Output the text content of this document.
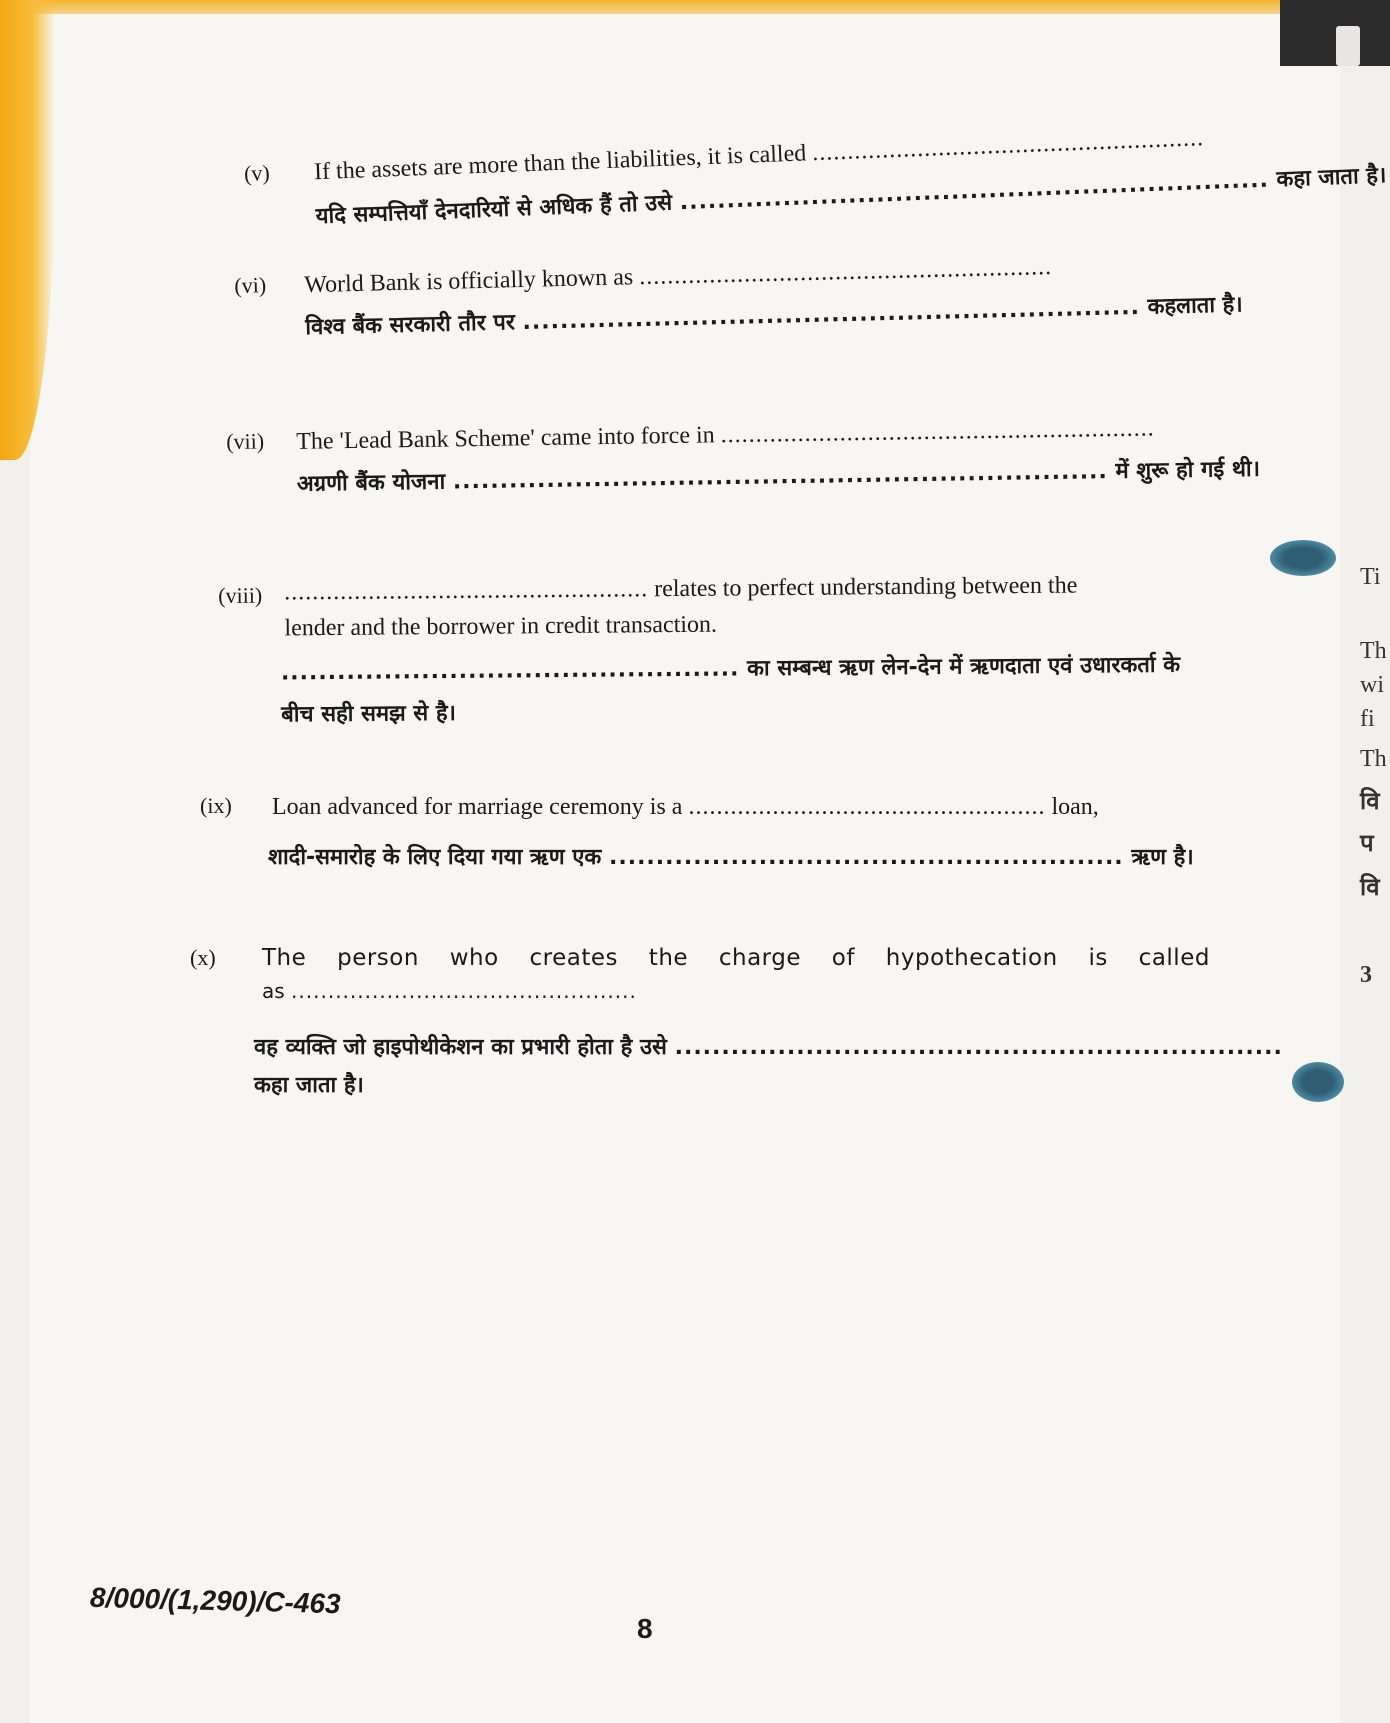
(v) If the assets are more than the liabilities, it is called ........................................................
यदि सम्पत्तियाँ देनदारियों से अधिक हैं तो उसे ............................................................... कहा जाता है।
(vi) World Bank is officially known as ...........................................................
विश्व बैंक सरकारी तौर पर .................................................................. कहलाता है।
(vii) The 'Lead Bank Scheme' came into force in ..............................................................
अग्रणी बैंक योजना ...................................................................... में शुरू हो गई थी।
(viii) .................................................... relates to perfect understanding between the
lender and the borrower in credit transaction.
................................................. का सम्बन्ध ऋण लेन-देन में ऋणदाता एवं उधारकर्ता के
बीच सही समझ से है।
(ix) Loan advanced for marriage ceremony is a ................................................... loan,
शादी-समारोह के लिए दिया गया ऋण एक ....................................................... ऋण है।
(x) The person who creates the charge of hypothecation is called
as ...............................................
वह व्यक्ति जो हाइपोथीकेशन का प्रभारी होता है उसे .................................................................
कहा जाता है।
Ti
Th
wi
fi
Th
वि
प
वि
3
8/000/(1,290)/C-463
8
